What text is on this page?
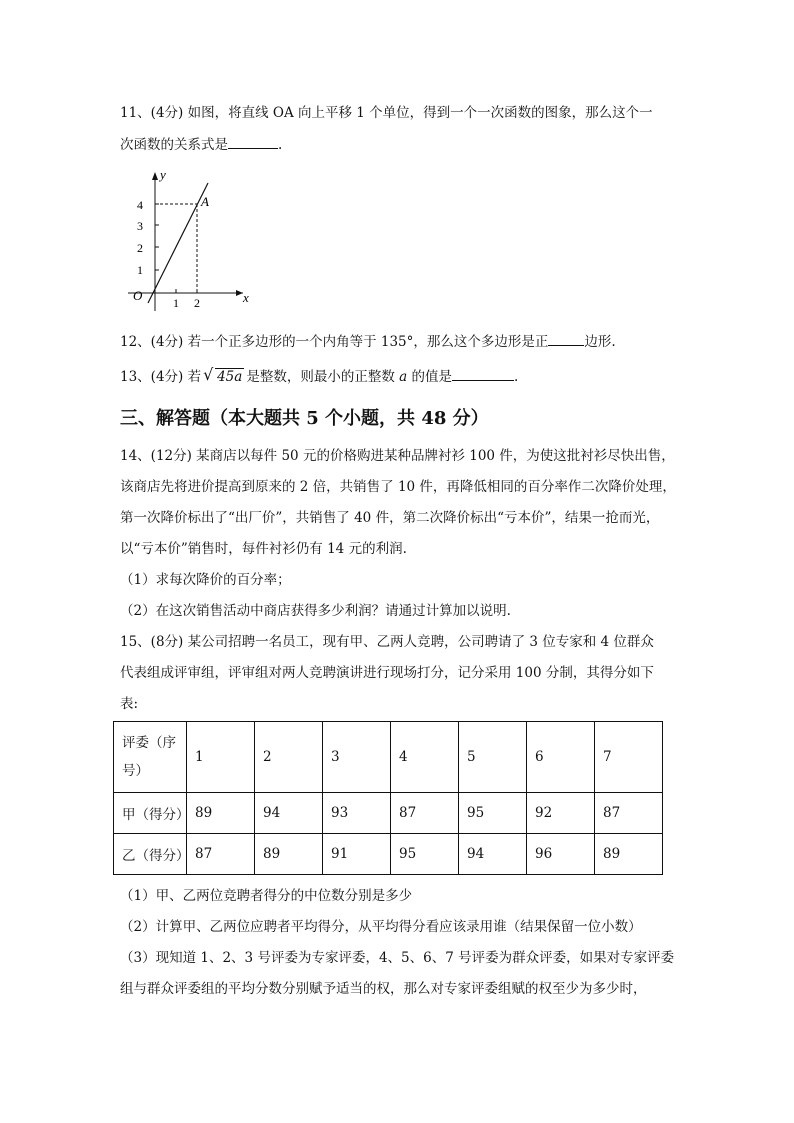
11、(4分) 如图，将直线 OA 向上平移 1 个单位，得到一个一次函数的图象，那么这个一
次函数的关系式是	.
y
x
O
A
1
2
3
4
1 2
12、(4分) 若一个正多边形的一个内角等于 135°，那么这个多边形是正	边形.
13、(4分) 若 √ 45a 是整数，则最小的正整数 a 的值是	.
三、解答题（本大题共 5 个小题，共 48 分）
14、(12分) 某商店以每件 50 元的价格购进某种品牌衬衫 100 件，为使这批衬衫尽快出售，
该商店先将进价提高到原来的 2 倍，共销售了 10 件，再降低相同的百分率作二次降价处理，
第一次降价标出了“出厂价”，共销售了 40 件，第二次降价标出“亏本价”，结果一抢而光，
以“亏本价”销售时，每件衬衫仍有 14 元的利润.
（1）求每次降价的百分率；
（2）在这次销售活动中商店获得多少利润？请通过计算加以说明.
15、(8分) 某公司招聘一名员工，现有甲、乙两人竞聘，公司聘请了 3 位专家和 4 位群众
代表组成评审组，评审组对两人竞聘演讲进行现场打分，记分采用 100 分制，其得分如下
表:
评委（序
号）	1	2	3	4	5	6	7
甲（得分）	89	94	93	87	95	92	87
乙（得分）	87	89	91	95	94	96	89
（1）甲、乙两位竞聘者得分的中位数分别是多少
（2）计算甲、乙两位应聘者平均得分，从平均得分看应该录用谁（结果保留一位小数）
（3）现知道 1、2、3 号评委为专家评委，4、5、6、7 号评委为群众评委，如果对专家评委
组与群众评委组的平均分数分别赋予适当的权，那么对专家评委组赋的权至少为多少时，
